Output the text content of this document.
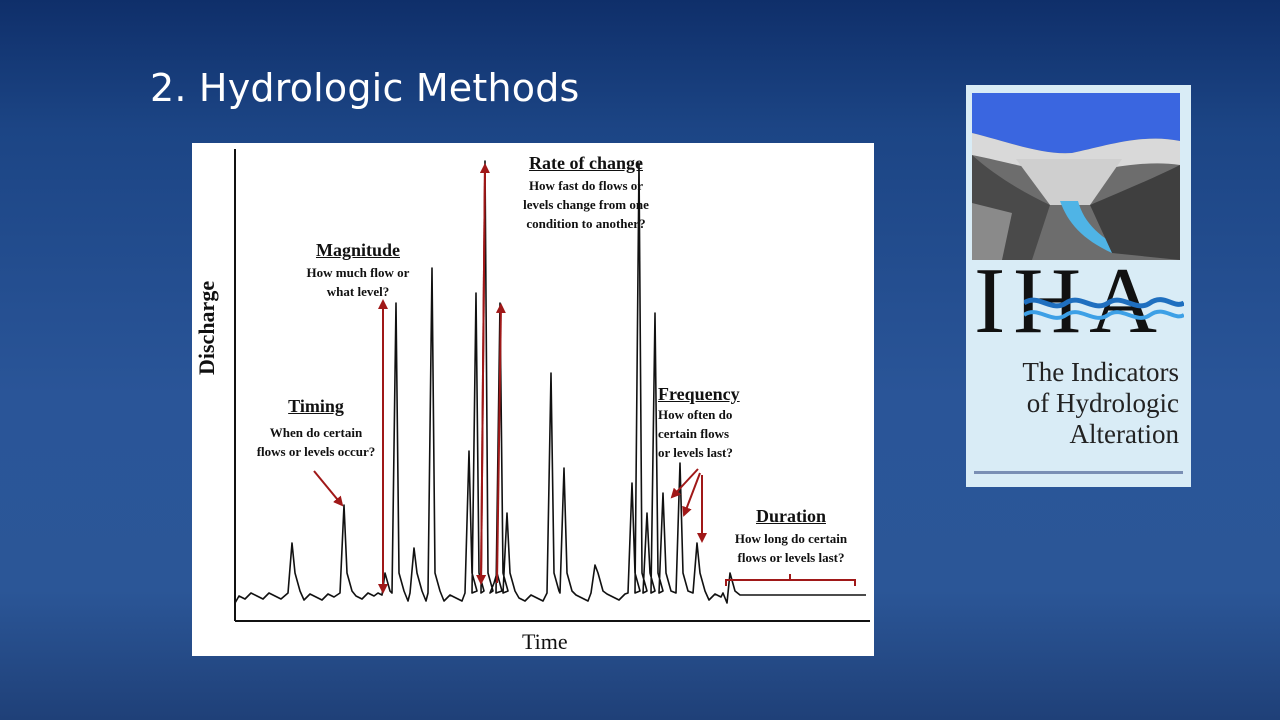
2. Hydrologic Methods
Discharge
Time
Timing
When do certain
flows or levels occur?
Magnitude
How much flow or
what level?
Rate of change
How fast do flows or
levels change from one
condition to another?
Frequency
How often do
certain flows
or levels last?
Duration
How long do certain
flows or levels last?
IHA
The Indicators
of Hydrologic
Alteration
